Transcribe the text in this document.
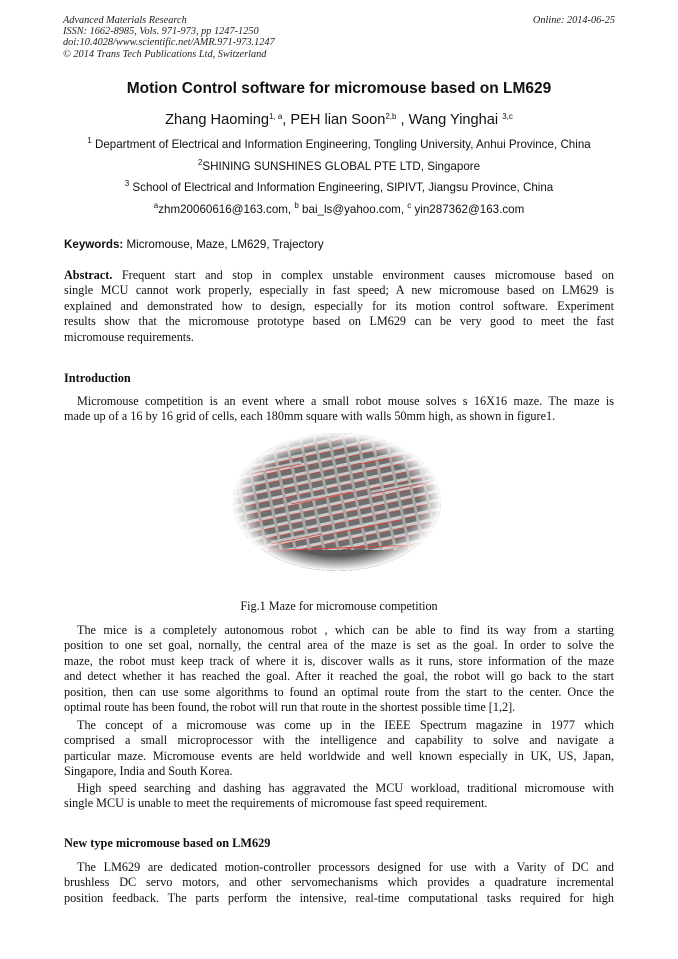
Advanced Materials Research
ISSN: 1662-8985, Vols. 971-973, pp 1247-1250
doi:10.4028/www.scientific.net/AMR.971-973.1247
© 2014 Trans Tech Publications Ltd, Switzerland
Online: 2014-06-25
Motion Control software for micromouse based on LM629
Zhang Haoming$^{1, a}$, PEH lian Soon$^{2,b}$ , Wang Yinghai $^{3,c}$
$^1$ Department of Electrical and Information Engineering, Tongling University, Anhui Province, China
$^2$SHINING SUNSHINES GLOBAL PTE LTD, Singapore
$^3$ School of Electrical and Information Engineering, SIPIVT, Jiangsu Province, China
$^a$zhm20060616@163.com, $^b$ bai_ls@yahoo.com, $^c$ yin287362@163.com
Keywords: Micromouse, Maze, LM629, Trajectory
Abstract. Frequent start and stop in complex unstable environment causes micromouse based on
single MCU cannot work properly, especially in fast speed; A new micromouse based on LM629 is
explained and demonstrated how to design, especially for its motion control software. Experiment
results show that the micromouse prototype based on LM629 can be very good to meet the fast
micromouse requirements.
Introduction
Micromouse competition is an event where a small robot mouse solves s 16X16 maze. The maze is
made up of a 16 by 16 grid of cells, each 180mm square with walls 50mm high, as shown in figure1.
Fig.1 Maze for micromouse competition
The mice is a completely autonomous robot , which can be able to find its way from a starting
position to one set goal, nornally, the central area of the maze is set as the goal. In order to solve the
maze, the robot must keep track of where it is, discover walls as it runs, store information of the maze
and detect whether it has reached the goal. After it reached the goal, the robot will go back to the start
position, then can use some algorithms to found an optimal route from the start to the center. Once the
optimal route has been found, the robot will run that route in the shortest possible time [1,2].
The concept of a micromouse was come up in the IEEE Spectrum magazine in 1977 which
comprised a small microprocessor with the intelligence and capability to solve and navigate a
particular maze. Micromouse events are held worldwide and well known especially in UK, US, Japan,
Singapore, India and South Korea.
High speed searching and dashing has aggravated the MCU workload, traditional micromouse with
single MCU is unable to meet the requirements of micromouse fast speed requirement.
New type micromouse based on LM629
The LM629 are dedicated motion-controller processors designed for use with a Varity of DC and
brushless DC servo motors, and other servomechanisms which provides a quadrature incremental
position feedback. The parts perform the intensive, real-time computational tasks required for high
